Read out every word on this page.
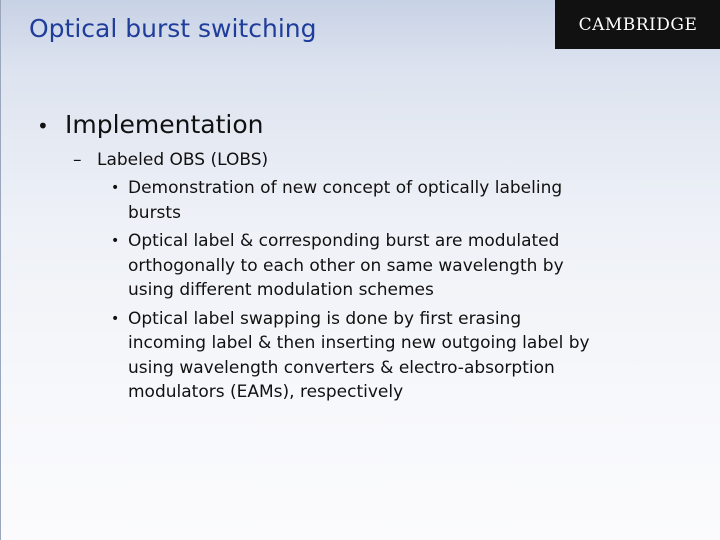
Optical burst switching	CAMBRIDGE
• Implementation
– Labeled OBS (LOBS)
• Demonstration of new concept of optically labeling
bursts
• Optical label & corresponding burst are modulated
orthogonally to each other on same wavelength by
using different modulation schemes
• Optical label swapping is done by first erasing
incoming label & then inserting new outgoing label by
using wavelength converters & electro-absorption
modulators (EAMs), respectively
